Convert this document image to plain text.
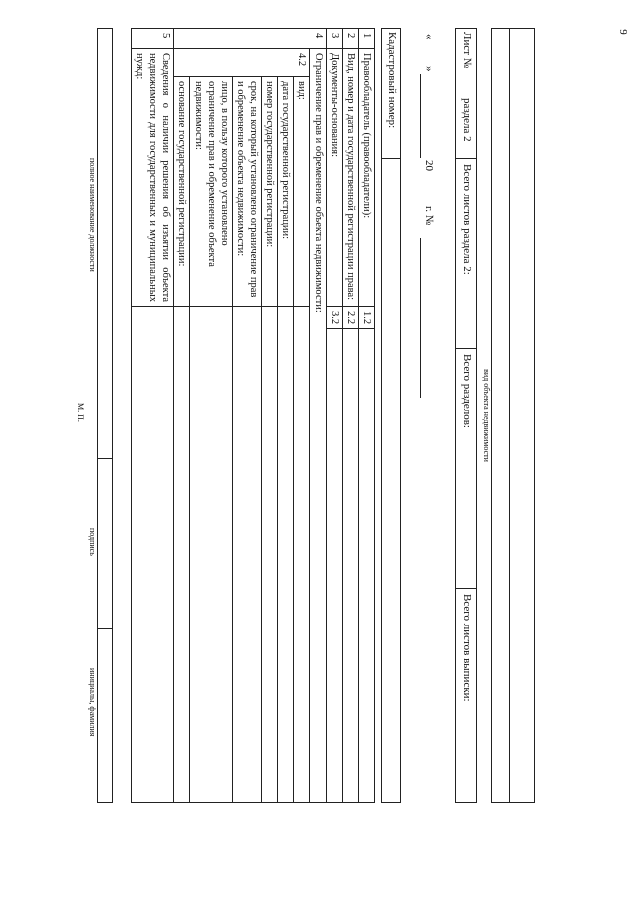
9
вид объекта недвижимости
Лист №
раздела 2
Всего листов раздела 2:
Всего разделов:
Всего листов выписки:
«
»
20
г. №
Кадастровый номер:
1	Правообладатель (правообладатели):		1.2	
2	Вид, номер и дата государственной регистрации права:		2.2	
3	Документы-основания:		3.2	
4	Ограничение прав и обременение объекта недвижимости:			
	4.2	вид:		
		дата государственной регистрации:		
		номер государственной регистрации:		
		срок, на который установлено ограничение прав и обременение объекта недвижимости:		
		лицо, в пользу которого установлено ограничение прав и обременение объекта недвижимости:		
		основание государственной регистрации:		
5	Сведения о наличии решения об изъятии объекта недвижимости для государственных и муниципальных нужд:			
полное наименование должности
подпись
инициалы, фамилия
М. П.
